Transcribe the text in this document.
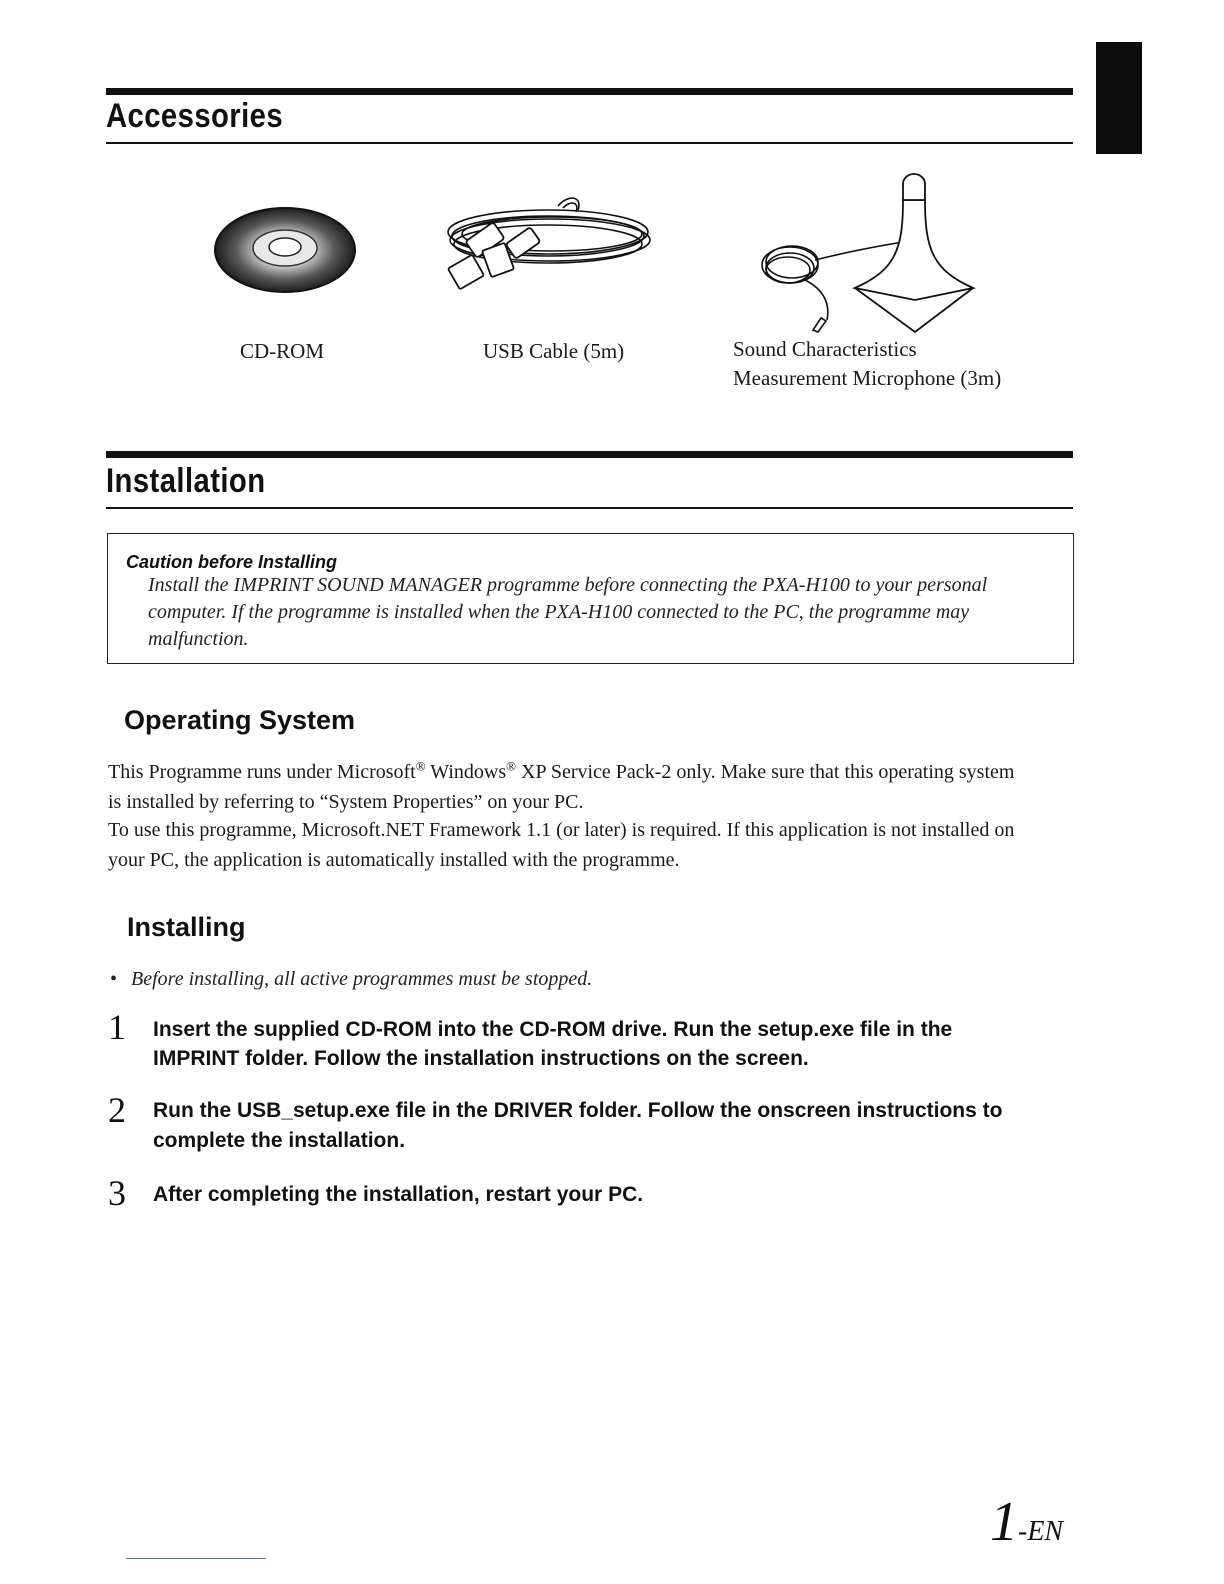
Accessories
CD-ROM	USB Cable (5m)	Sound Characteristics
Measurement Microphone (3m)
Installation
Caution before Installing
Install the IMPRINT SOUND MANAGER programme before connecting the PXA-H100 to your personal
computer. If the programme is installed when the PXA-H100 connected to the PC, the programme may
malfunction.
Operating System
This Programme runs under Microsoft® Windows® XP Service Pack-2 only. Make sure that this operating system
is installed by referring to “System Properties” on your PC.
To use this programme, Microsoft.NET Framework 1.1 (or later) is required. If this application is not installed on
your PC, the application is automatically installed with the programme.
Installing
• Before installing, all active programmes must be stopped.
1 Insert the supplied CD-ROM into the CD-ROM drive. Run the setup.exe file in the
IMPRINT folder. Follow the installation instructions on the screen.
2 Run the USB_setup.exe file in the DRIVER folder. Follow the onscreen instructions to
complete the installation.
3 After completing the installation, restart your PC.
1-EN
